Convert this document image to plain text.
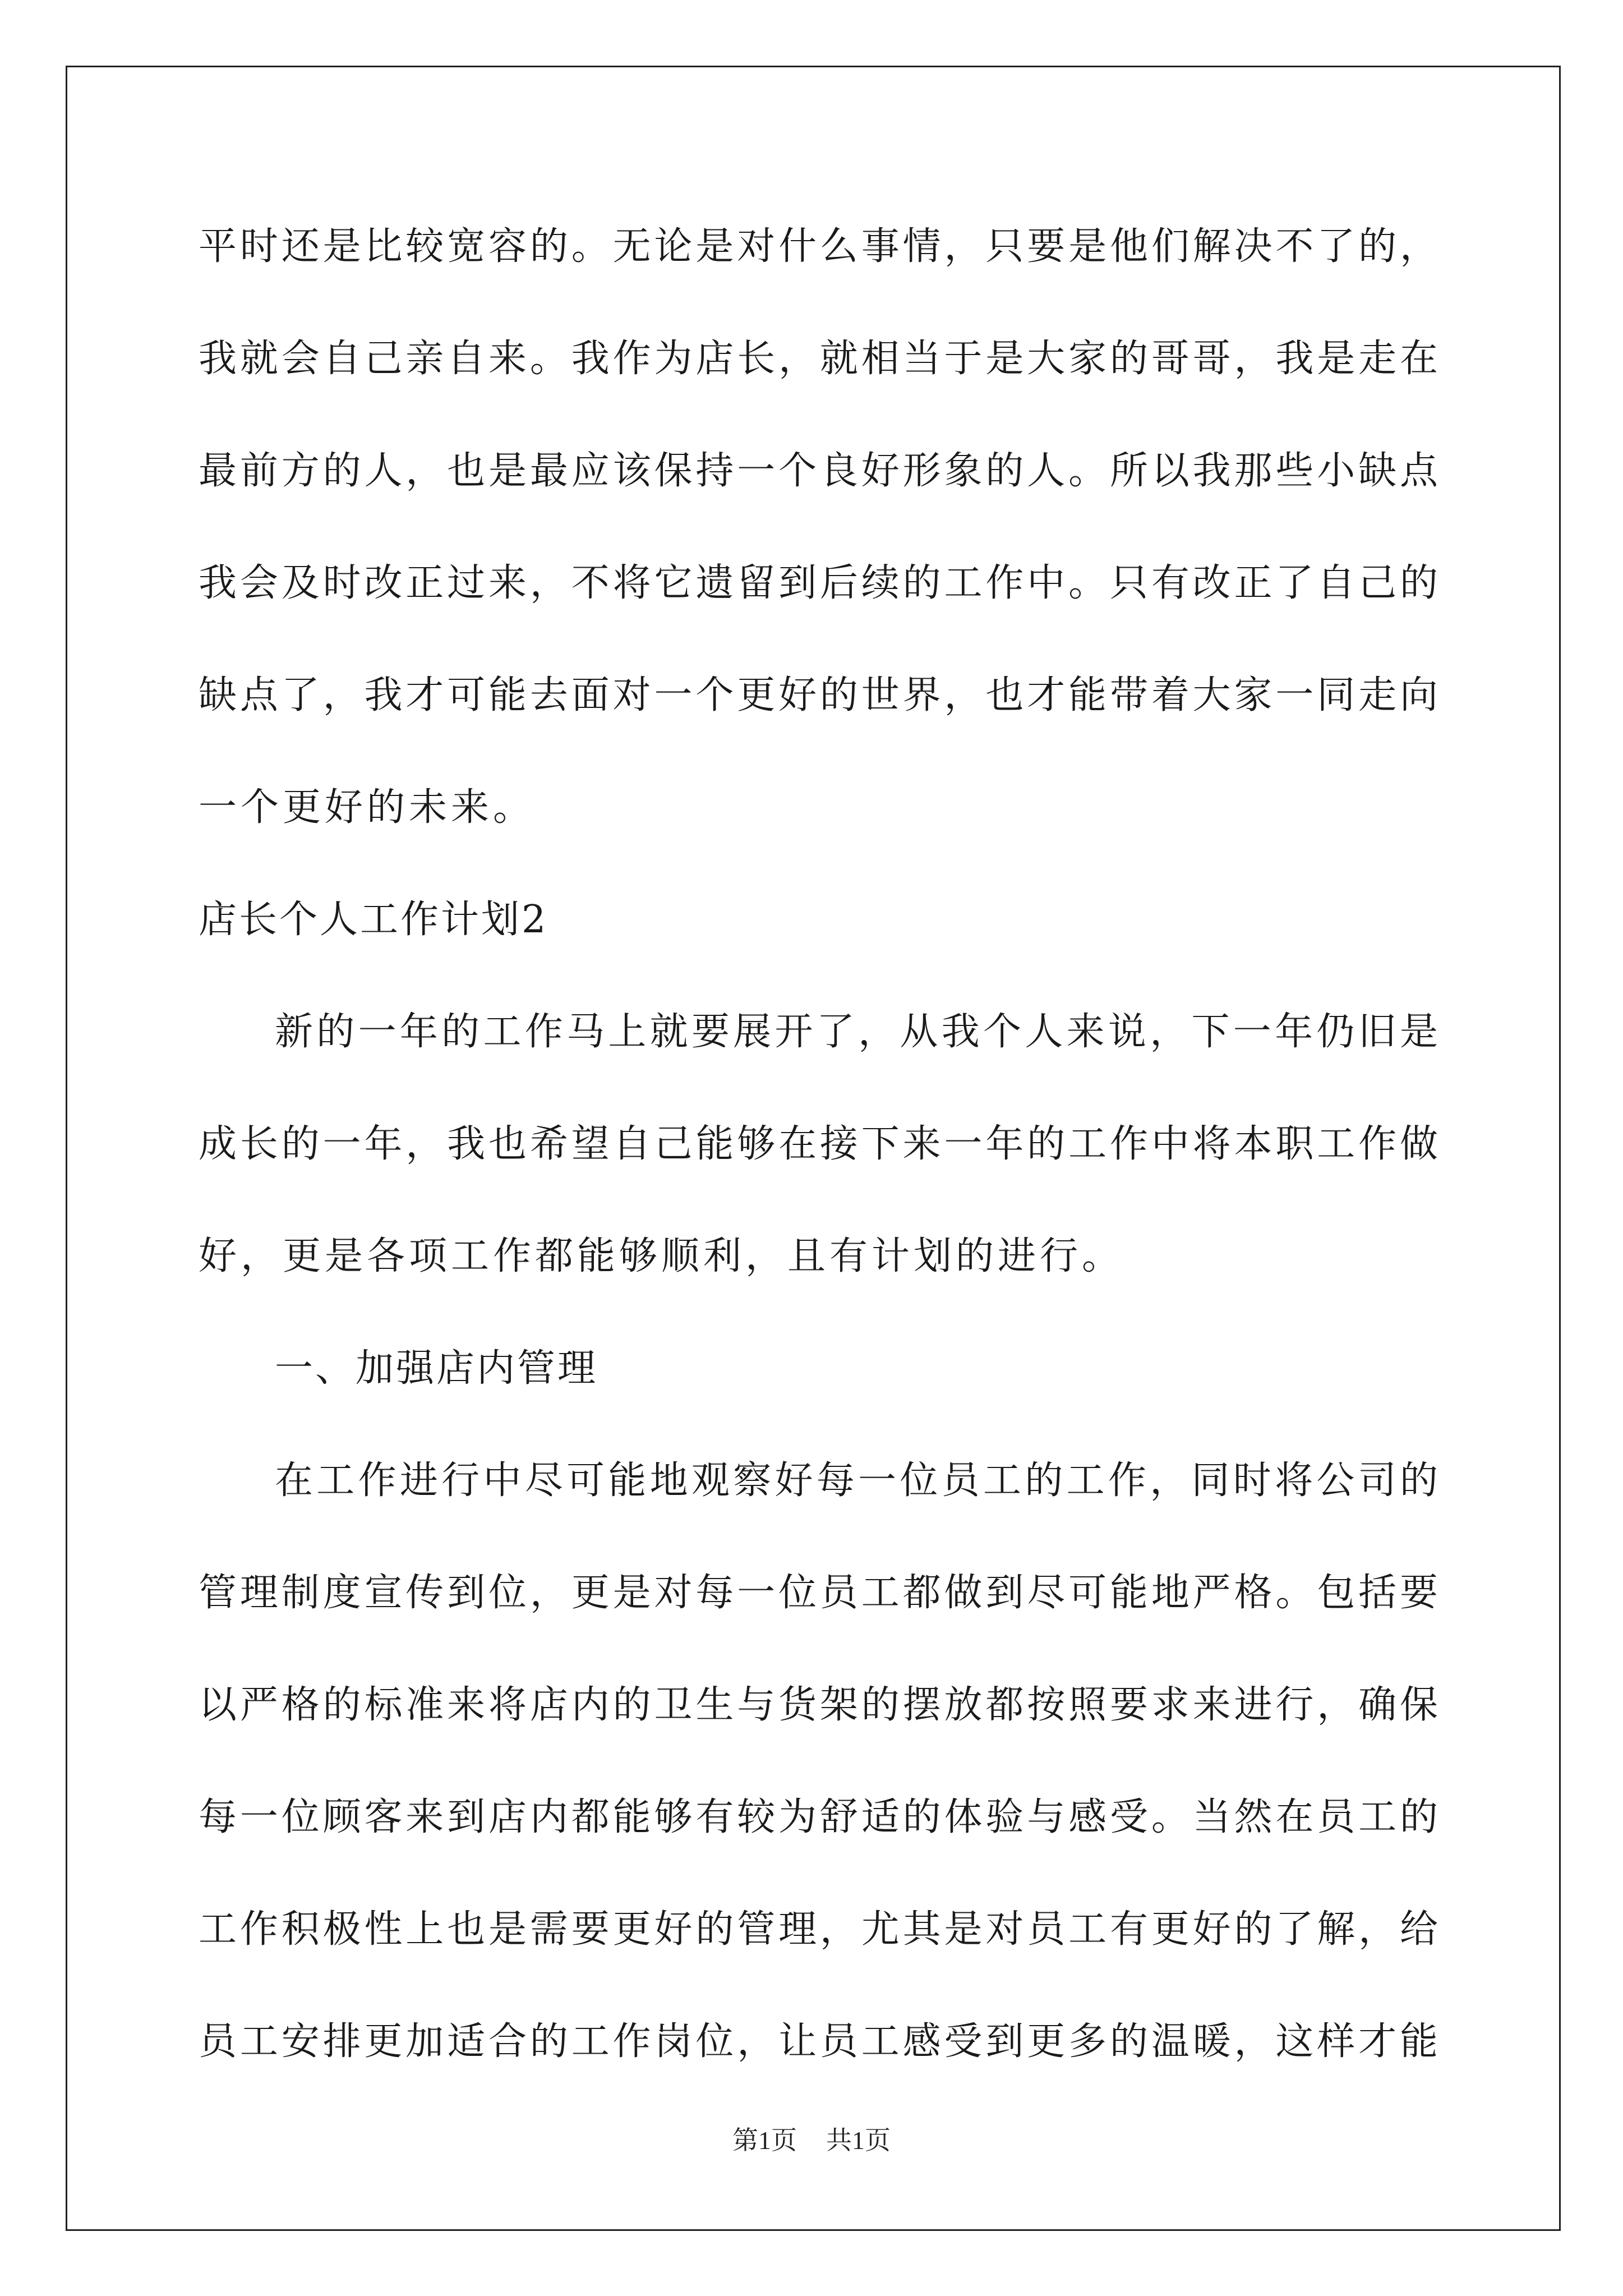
平时还是比较宽容的。无论是对什么事情，只要是他们解决不了的，
我就会自己亲自来。我作为店长，就相当于是大家的哥哥，我是走在
最前方的人，也是最应该保持一个良好形象的人。所以我那些小缺点
我会及时改正过来，不将它遗留到后续的工作中。只有改正了自己的
缺点了，我才可能去面对一个更好的世界，也才能带着大家一同走向
一个更好的未来。
店长个人工作计划2
新的一年的工作马上就要展开了，从我个人来说，下一年仍旧是
成长的一年，我也希望自己能够在接下来一年的工作中将本职工作做
好，更是各项工作都能够顺利，且有计划的进行。
一、加强店内管理
在工作进行中尽可能地观察好每一位员工的工作，同时将公司的
管理制度宣传到位，更是对每一位员工都做到尽可能地严格。包括要
以严格的标准来将店内的卫生与货架的摆放都按照要求来进行，确保
每一位顾客来到店内都能够有较为舒适的体验与感受。当然在员工的
工作积极性上也是需要更好的管理，尤其是对员工有更好的了解，给
员工安排更加适合的工作岗位，让员工感受到更多的温暖，这样才能
第1页 共1页
